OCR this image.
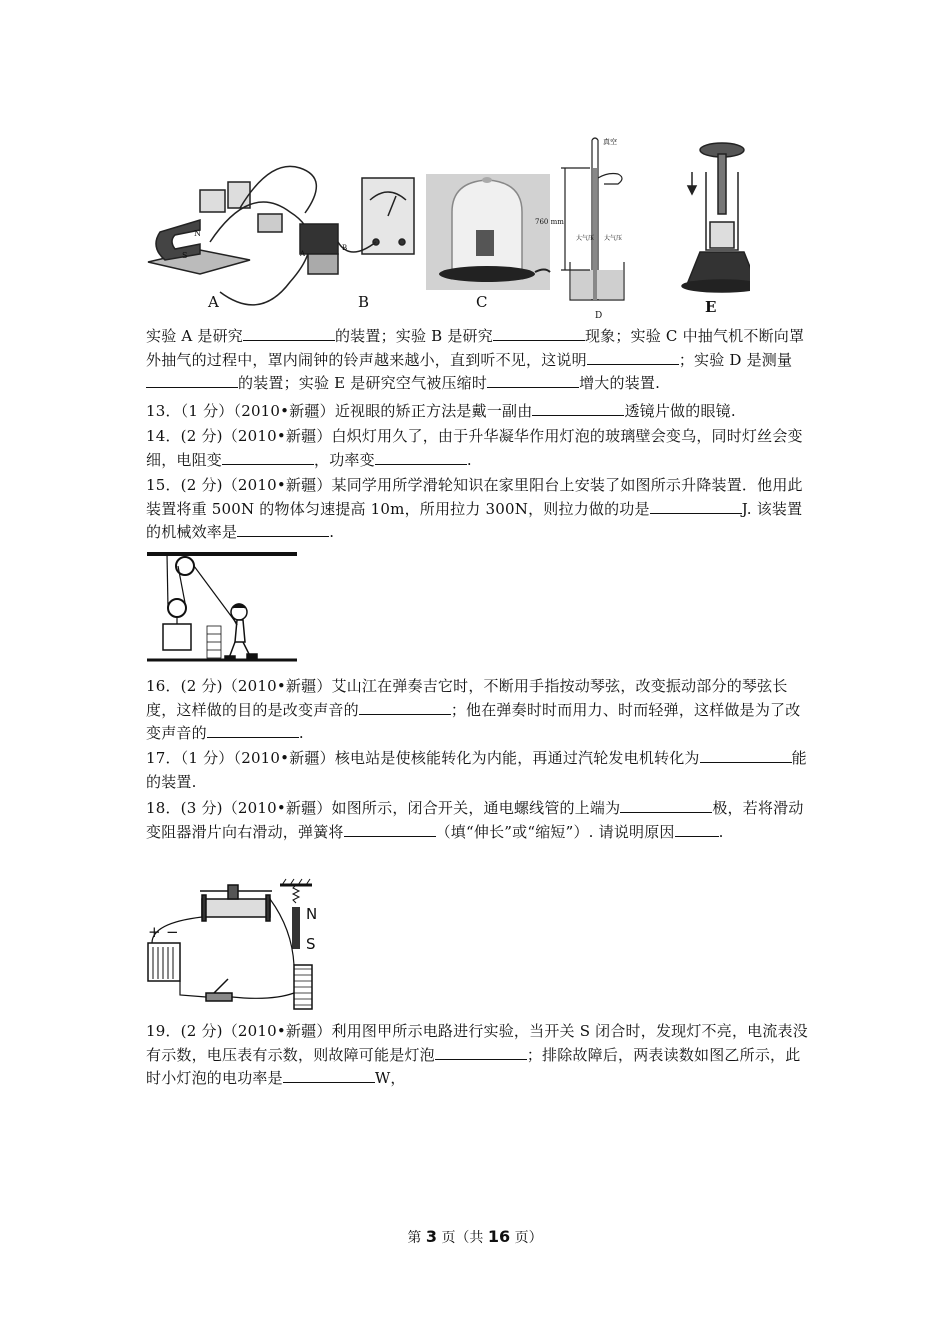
N
S
A
A
B
B	C
真空
760 mm
大气压 大气压
D	E
实验 A 是研究	的装置；实验 B 是研究	现象；实验 C 中抽气机不断向罩外抽气的过程中，罩内闹钟的铃声越来越小，直到听不见，这说明	；实验 D 是测量的装置；实验 E 是研究空气被压缩时	增大的装置.
13．（1 分）（2010•新疆）近视眼的矫正方法是戴一副由	透镜片做的眼镜.
14．(2 分)（2010•新疆）白炽灯用久了，由于升华凝华作用灯泡的玻璃壁会变乌，同时灯丝会变细，电阻变	，功率变	.
15．(2 分)（2010•新疆）某同学用所学滑轮知识在家里阳台上安装了如图所示升降装置．他用此装置将重 500N 的物体匀速提高 10m，所用拉力 300N，则拉力做的功是	J. 该装置的机械效率是	.
16．(2 分)（2010•新疆）艾山江在弹奏吉它时，不断用手指按动琴弦，改变振动部分的琴弦长度，这样做的目的是改变声音的	；他在弹奏时时而用力、时而轻弹，这样做是为了改变声音的	.
17．（1 分）（2010•新疆）核电站是使核能转化为内能，再通过汽轮发电机转化为	能的装置.
18．(3 分)（2010•新疆）如图所示，闭合开关，通电螺线管的上端为	极，若将滑动变阻器滑片向右滑动，弹簧将	（填“伸长”或“缩短”）. 请说明原因	.
N
S
+ −
19．(2 分)（2010•新疆）利用图甲所示电路进行实验，当开关 S 闭合时，发现灯不亮，电流表没有示数，电压表有示数，则故障可能是灯泡	；排除故障后，两表读数如图乙所示，此时小灯泡的电功率是	W，
第 3 页（共 16 页）
